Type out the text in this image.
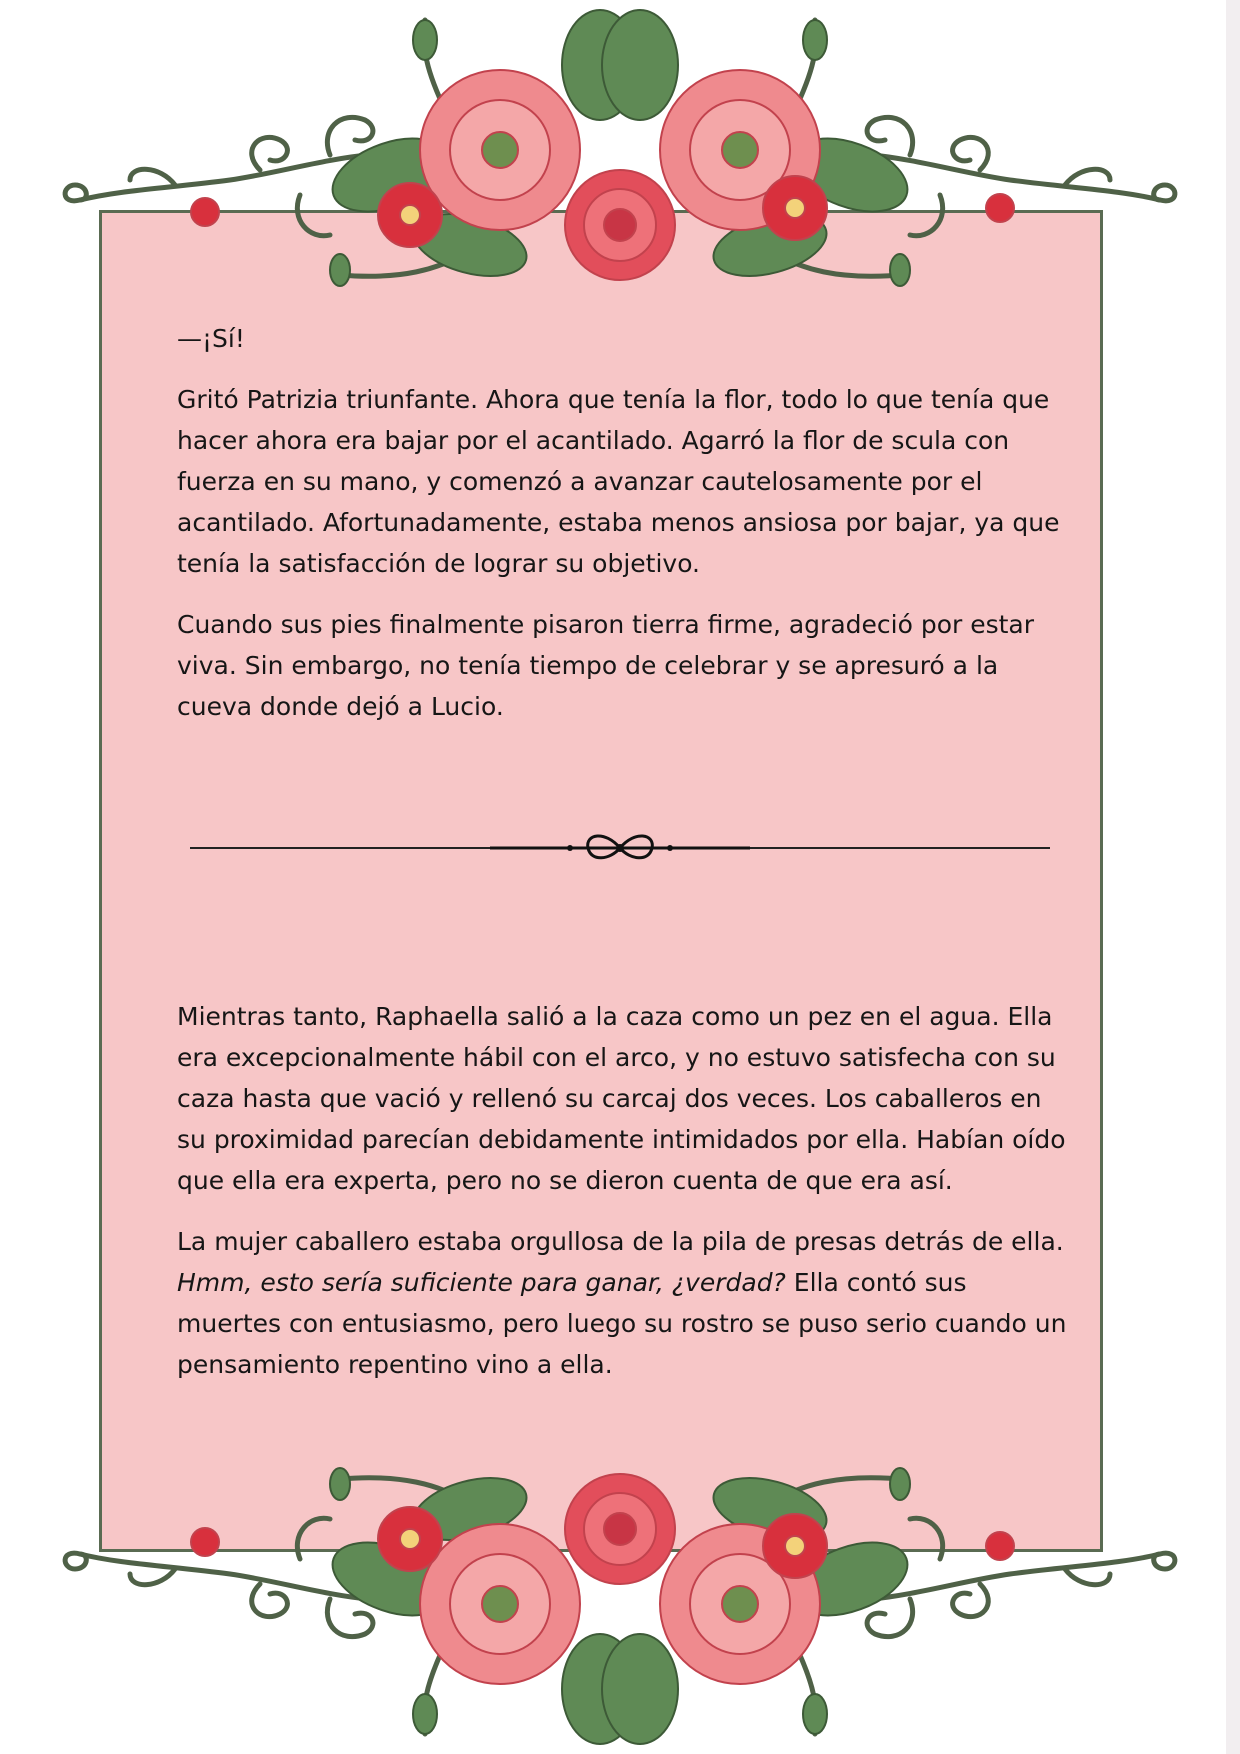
—¡Sí!

Gritó Patrizia triunfante. Ahora que tenía la flor, todo lo que tenía que hacer ahora era bajar por el acantilado. Agarró la flor de scula con fuerza en su mano, y comenzó a avanzar cautelosamente por el acantilado. Afortunadamente, estaba menos ansiosa por bajar, ya que tenía la satisfacción de lograr su objetivo.

Cuando sus pies finalmente pisaron tierra firme, agradeció por estar viva. Sin embargo, no tenía tiempo de celebrar y se apresuró a la cueva donde dejó a Lucio.

Mientras tanto, Raphaella salió a la caza como un pez en el agua. Ella era excepcionalmente hábil con el arco, y no estuvo satisfecha con su caza hasta que vació y rellenó su carcaj dos veces. Los caballeros en su proximidad parecían debidamente intimidados por ella. Habían oído que ella era experta, pero no se dieron cuenta de que era así.

La mujer caballero estaba orgullosa de la pila de presas detrás de ella. Hmm, esto sería suficiente para ganar, ¿verdad? Ella contó sus muertes con entusiasmo, pero luego su rostro se puso serio cuando un pensamiento repentino vino a ella.
